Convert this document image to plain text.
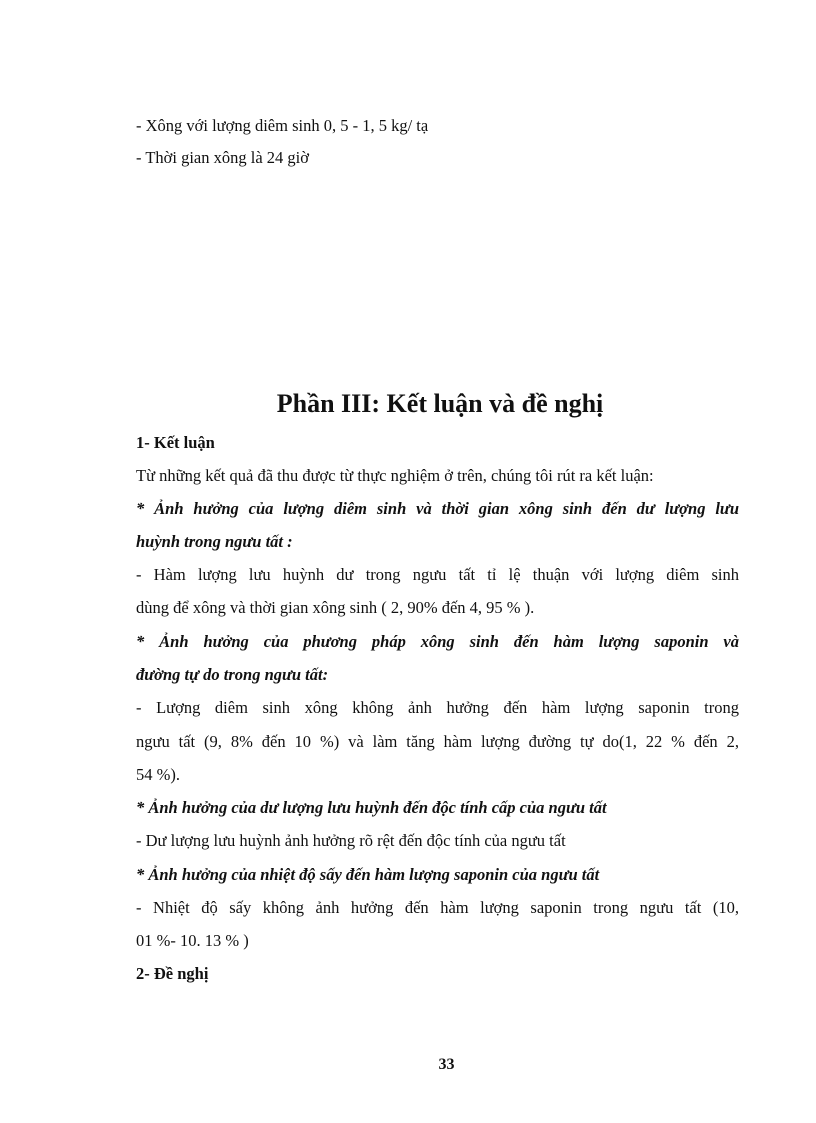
- Xông với lượng diêm sinh 0, 5 - 1, 5 kg/ tạ
- Thời gian xông là 24 giờ
Phần III: Kết luận và đề nghị
1- Kết luận
Từ những kết quả đã thu được từ thực nghiệm ở trên, chúng tôi rút ra kết luận:
* Ảnh hưởng của lượng diêm sinh và thời gian xông sinh đến dư lượng lưu
huỳnh trong ngưu tất :
- Hàm lượng lưu huỳnh dư trong ngưu tất tỉ lệ thuận với lượng diêm sinh
dùng để xông và thời gian xông sinh ( 2, 90% đến 4, 95 % ).
* Ảnh hưởng của phương pháp xông sinh đến hàm lượng saponin và
đường tự do trong ngưu tất:
- Lượng diêm sinh xông không ảnh hưởng đến hàm lượng saponin trong
ngưu tất (9, 8% đến 10 %) và làm tăng hàm lượng đường tự do(1, 22 % đến 2,
54 %).
* Ảnh hưởng của dư lượng lưu huỳnh đến độc tính cấp của ngưu tất
- Dư lượng lưu huỳnh ảnh hưởng rõ rệt đến độc tính của ngưu tất
* Ảnh hưởng của nhiệt độ sấy đến hàm lượng saponin của ngưu tất
- Nhiệt độ sấy không ảnh hưởng đến hàm lượng saponin trong ngưu tất (10,
01 %- 10. 13 % )
2- Đề nghị
33
